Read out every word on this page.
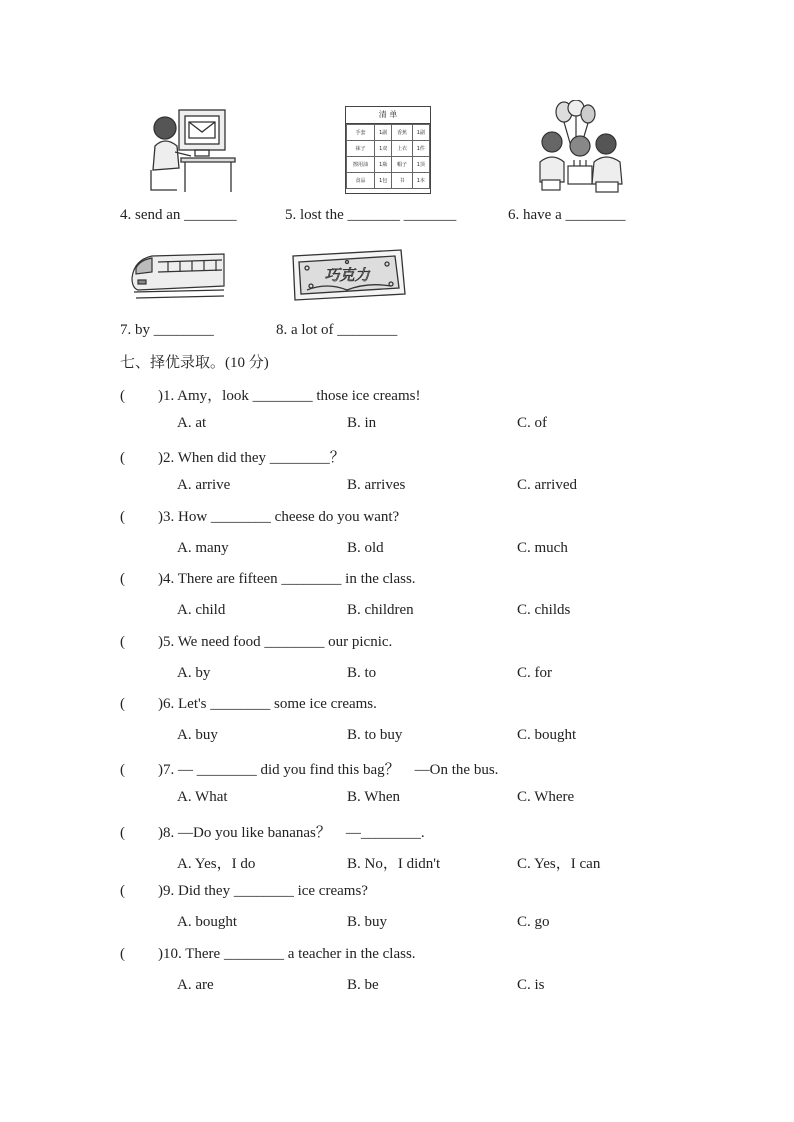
清 单
手套	1副	香蕉	1副
袜子	1双	上衣	1件
擦用油	1瓶	帽子	1顶
食品	1包	书	1本
4. send an _______	5. lost the _______ _______	6. have a ________
巧克力
7. by ________	8. a lot of ________
七、择优录取。(10 分)
( )1. Amy，look ________ those ice creams!
A. at	B. in	C. of
( )2. When did they ________？
A. arrive	B. arrives	C. arrived
( )3. How ________ cheese do you want?
A. many	B. old	C. much
( )4. There are fifteen ________ in the class.
A. child	B. children	C. childs
( )5. We need food ________ our picnic.
A. by	B. to	C. for
( )6. Let's ________ some ice creams.
A. buy	B. to buy	C. bought
( )7. — ________ did you find this bag？　—On the bus.
A. What	B. When	C. Where
( )8. —Do you like bananas？　—________.
A. Yes，I do	B. No，I didn't	C. Yes，I can
( )9. Did they ________ ice creams?
A. bought	B. buy	C. go
( )10. There ________ a teacher in the class.
A. are	B. be	C. is
